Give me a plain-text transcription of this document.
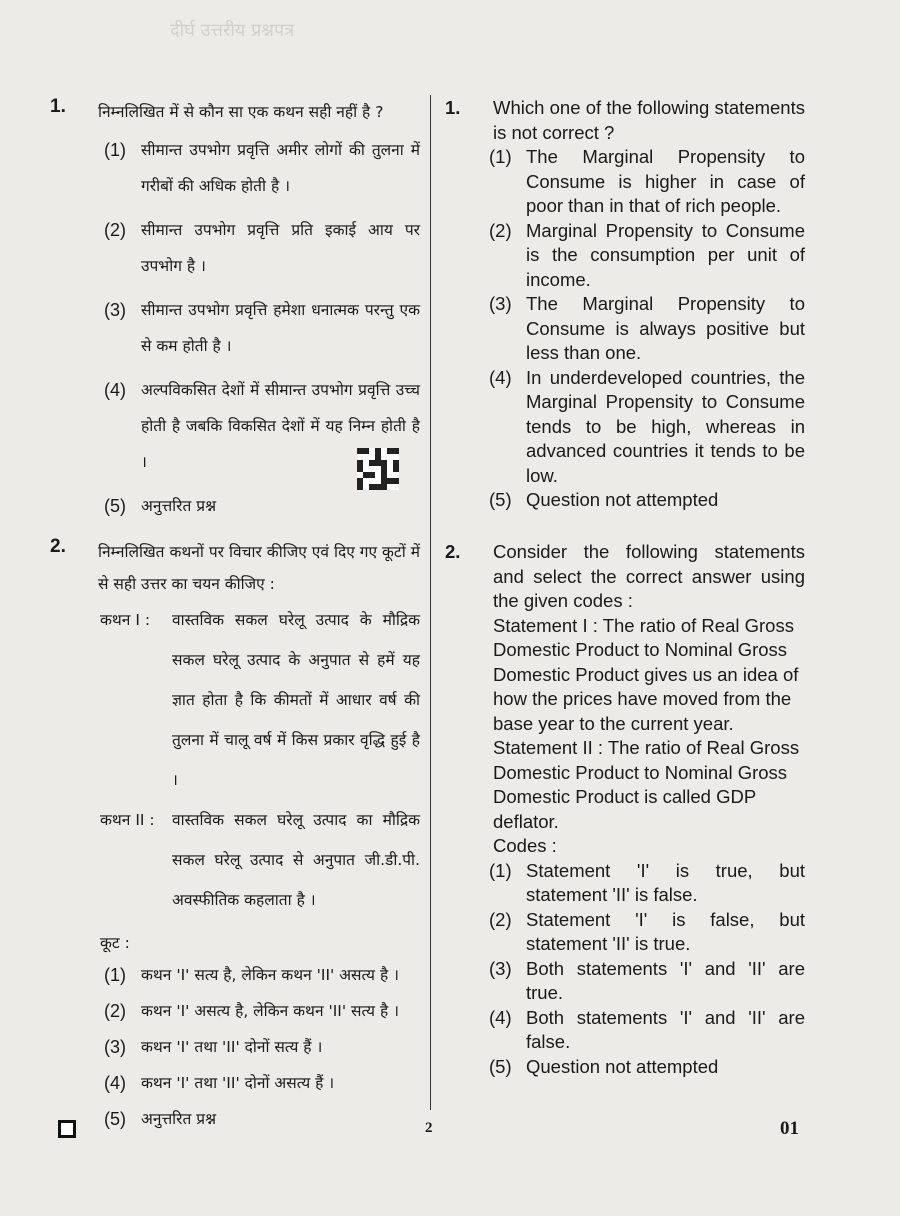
दीर्घ उत्तरीय प्रश्नपत्र
1. निम्नलिखित में से कौन सा एक कथन सही नहीं है ?
(1) सीमान्त उपभोग प्रवृत्ति अमीर लोगों की तुलना में गरीबों की अधिक होती है ।
(2) सीमान्त उपभोग प्रवृत्ति प्रति इकाई आय पर उपभोग है ।
(3) सीमान्त उपभोग प्रवृत्ति हमेशा धनात्मक परन्तु एक से कम होती है ।
(4) अल्पविकसित देशों में सीमान्त उपभोग प्रवृत्ति उच्च होती है जबकि विकसित देशों में यह निम्न होती है ।
(5) अनुत्तरित प्रश्न
2. निम्नलिखित कथनों पर विचार कीजिए एवं दिए गए कूटों में से सही उत्तर का चयन कीजिए :
कथन I :	वास्तविक सकल घरेलू उत्पाद के मौद्रिक सकल घरेलू उत्पाद के अनुपात से हमें यह ज्ञात होता है कि कीमतों में आधार वर्ष की तुलना में चालू वर्ष में किस प्रकार वृद्धि हुई है ।
कथन II :	वास्तविक सकल घरेलू उत्पाद का मौद्रिक सकल घरेलू उत्पाद से अनुपात जी.डी.पी. अवस्फीतिक कहलाता है ।
कूट :
(1) कथन 'I' सत्य है, लेकिन कथन 'II' असत्य है ।
(2) कथन 'I' असत्य है, लेकिन कथन 'II' सत्य है ।
(3) कथन 'I' तथा 'II' दोनों सत्य हैं ।
(4) कथन 'I' तथा 'II' दोनों असत्य हैं ।
(5) अनुत्तरित प्रश्न
1. Which one of the following statements is not correct ?
(1) The Marginal Propensity to Consume is higher in case of poor than in that of rich people.
(2) Marginal Propensity to Consume is the consumption per unit of income.
(3) The Marginal Propensity to Consume is always positive but less than one.
(4) In underdeveloped countries, the Marginal Propensity to Consume tends to be high, whereas in advanced countries it tends to be low.
(5) Question not attempted
2. Consider the following statements and select the correct answer using the given codes :
Statement I : The ratio of Real Gross Domestic Product to Nominal Gross Domestic Product gives us an idea of how the prices have moved from the base year to the current year.
Statement II : The ratio of Real Gross Domestic Product to Nominal Gross Domestic Product is called GDP deflator.
Codes :
(1) Statement 'I' is true, but statement 'II' is false.
(2) Statement 'I' is false, but statement 'II' is true.
(3) Both statements 'I' and 'II' are true.
(4) Both statements 'I' and 'II' are false.
(5) Question not attempted
2	01
